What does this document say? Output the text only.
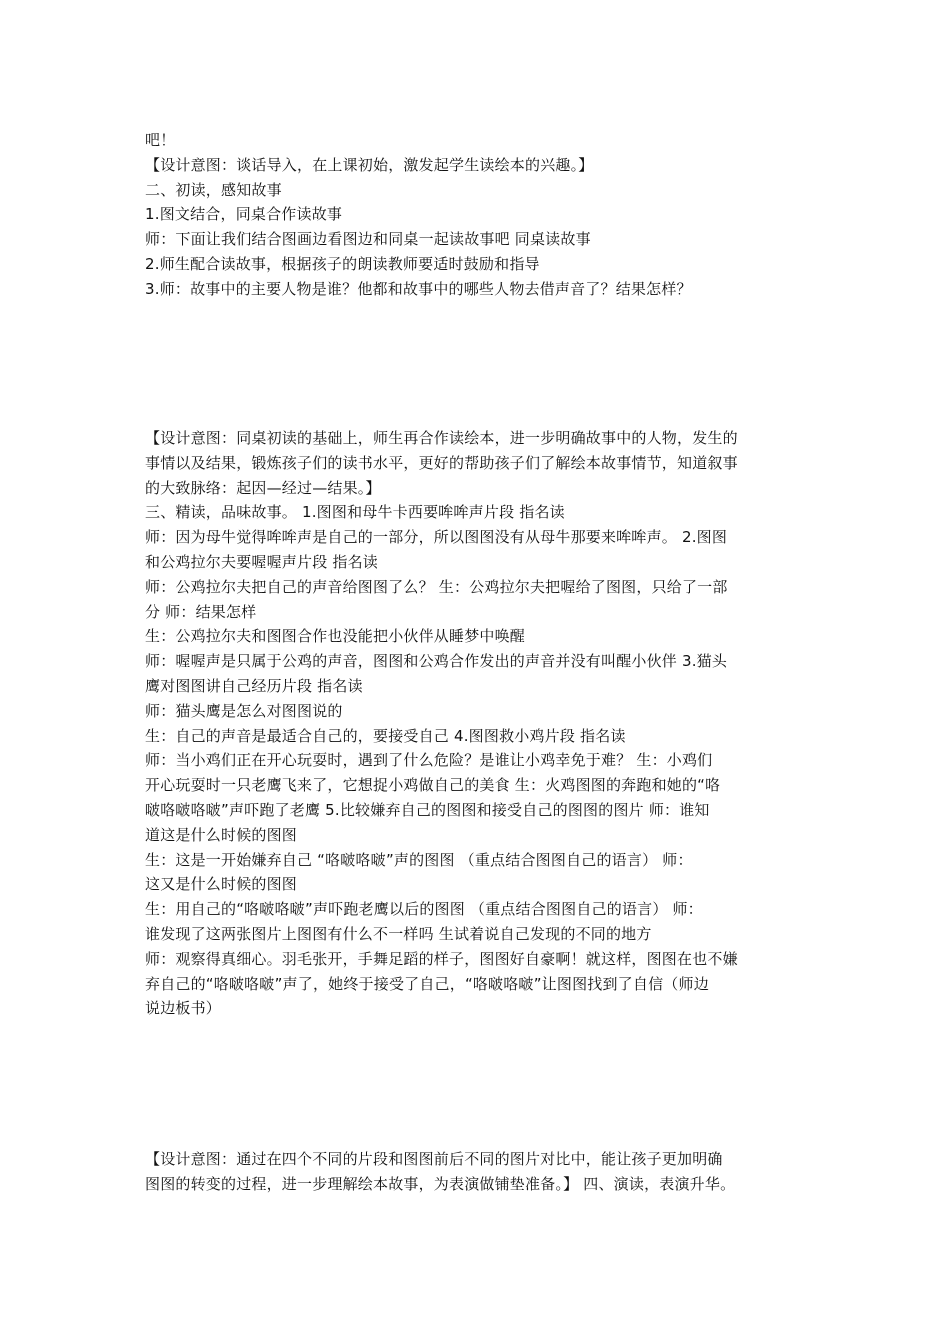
吧！
【设计意图：谈话导入，在上课初始，激发起学生读绘本的兴趣。】
二、初读，感知故事
1.图文结合，同桌合作读故事
师：下面让我们结合图画边看图边和同桌一起读故事吧 同桌读故事
2.师生配合读故事，根据孩子的朗读教师要适时鼓励和指导
3.师：故事中的主要人物是谁？他都和故事中的哪些人物去借声音了？结果怎样？
【设计意图：同桌初读的基础上，师生再合作读绘本，进一步明确故事中的人物，发生的
事情以及结果，锻炼孩子们的读书水平，更好的帮助孩子们了解绘本故事情节，知道叙事
的大致脉络：起因—经过—结果。】
三、精读，品味故事。 1.图图和母牛卡西要哞哞声片段 指名读
师：因为母牛觉得哞哞声是自己的一部分，所以图图没有从母牛那要来哞哞声。 2.图图
和公鸡拉尔夫要喔喔声片段 指名读
师：公鸡拉尔夫把自己的声音给图图了么？ 生：公鸡拉尔夫把喔给了图图，只给了一部
分 师：结果怎样
生：公鸡拉尔夫和图图合作也没能把小伙伴从睡梦中唤醒
师：喔喔声是只属于公鸡的声音，图图和公鸡合作发出的声音并没有叫醒小伙伴 3.猫头
鹰对图图讲自己经历片段 指名读
师：猫头鹰是怎么对图图说的
生：自己的声音是最适合自己的，要接受自己 4.图图救小鸡片段 指名读
师：当小鸡们正在开心玩耍时，遇到了什么危险？是谁让小鸡幸免于难？ 生：小鸡们
开心玩耍时一只老鹰飞来了，它想捉小鸡做自己的美食 生：火鸡图图的奔跑和她的“咯
啵咯啵咯啵”声吓跑了老鹰 5.比较嫌弃自己的图图和接受自己的图图的图片 师：谁知
道这是什么时候的图图
生：这是一开始嫌弃自己 “咯啵咯啵”声的图图 （重点结合图图自己的语言） 师：
这又是什么时候的图图
生：用自己的“咯啵咯啵”声吓跑老鹰以后的图图 （重点结合图图自己的语言） 师：
谁发现了这两张图片上图图有什么不一样吗 生试着说自己发现的不同的地方
师：观察得真细心。羽毛张开，手舞足蹈的样子，图图好自豪啊！就这样，图图在也不嫌
弃自己的“咯啵咯啵”声了，她终于接受了自己，“咯啵咯啵”让图图找到了自信（师边
说边板书）
【设计意图：通过在四个不同的片段和图图前后不同的图片对比中，能让孩子更加明确
图图的转变的过程，进一步理解绘本故事，为表演做铺垫准备。】 四、演读，表演升华。
